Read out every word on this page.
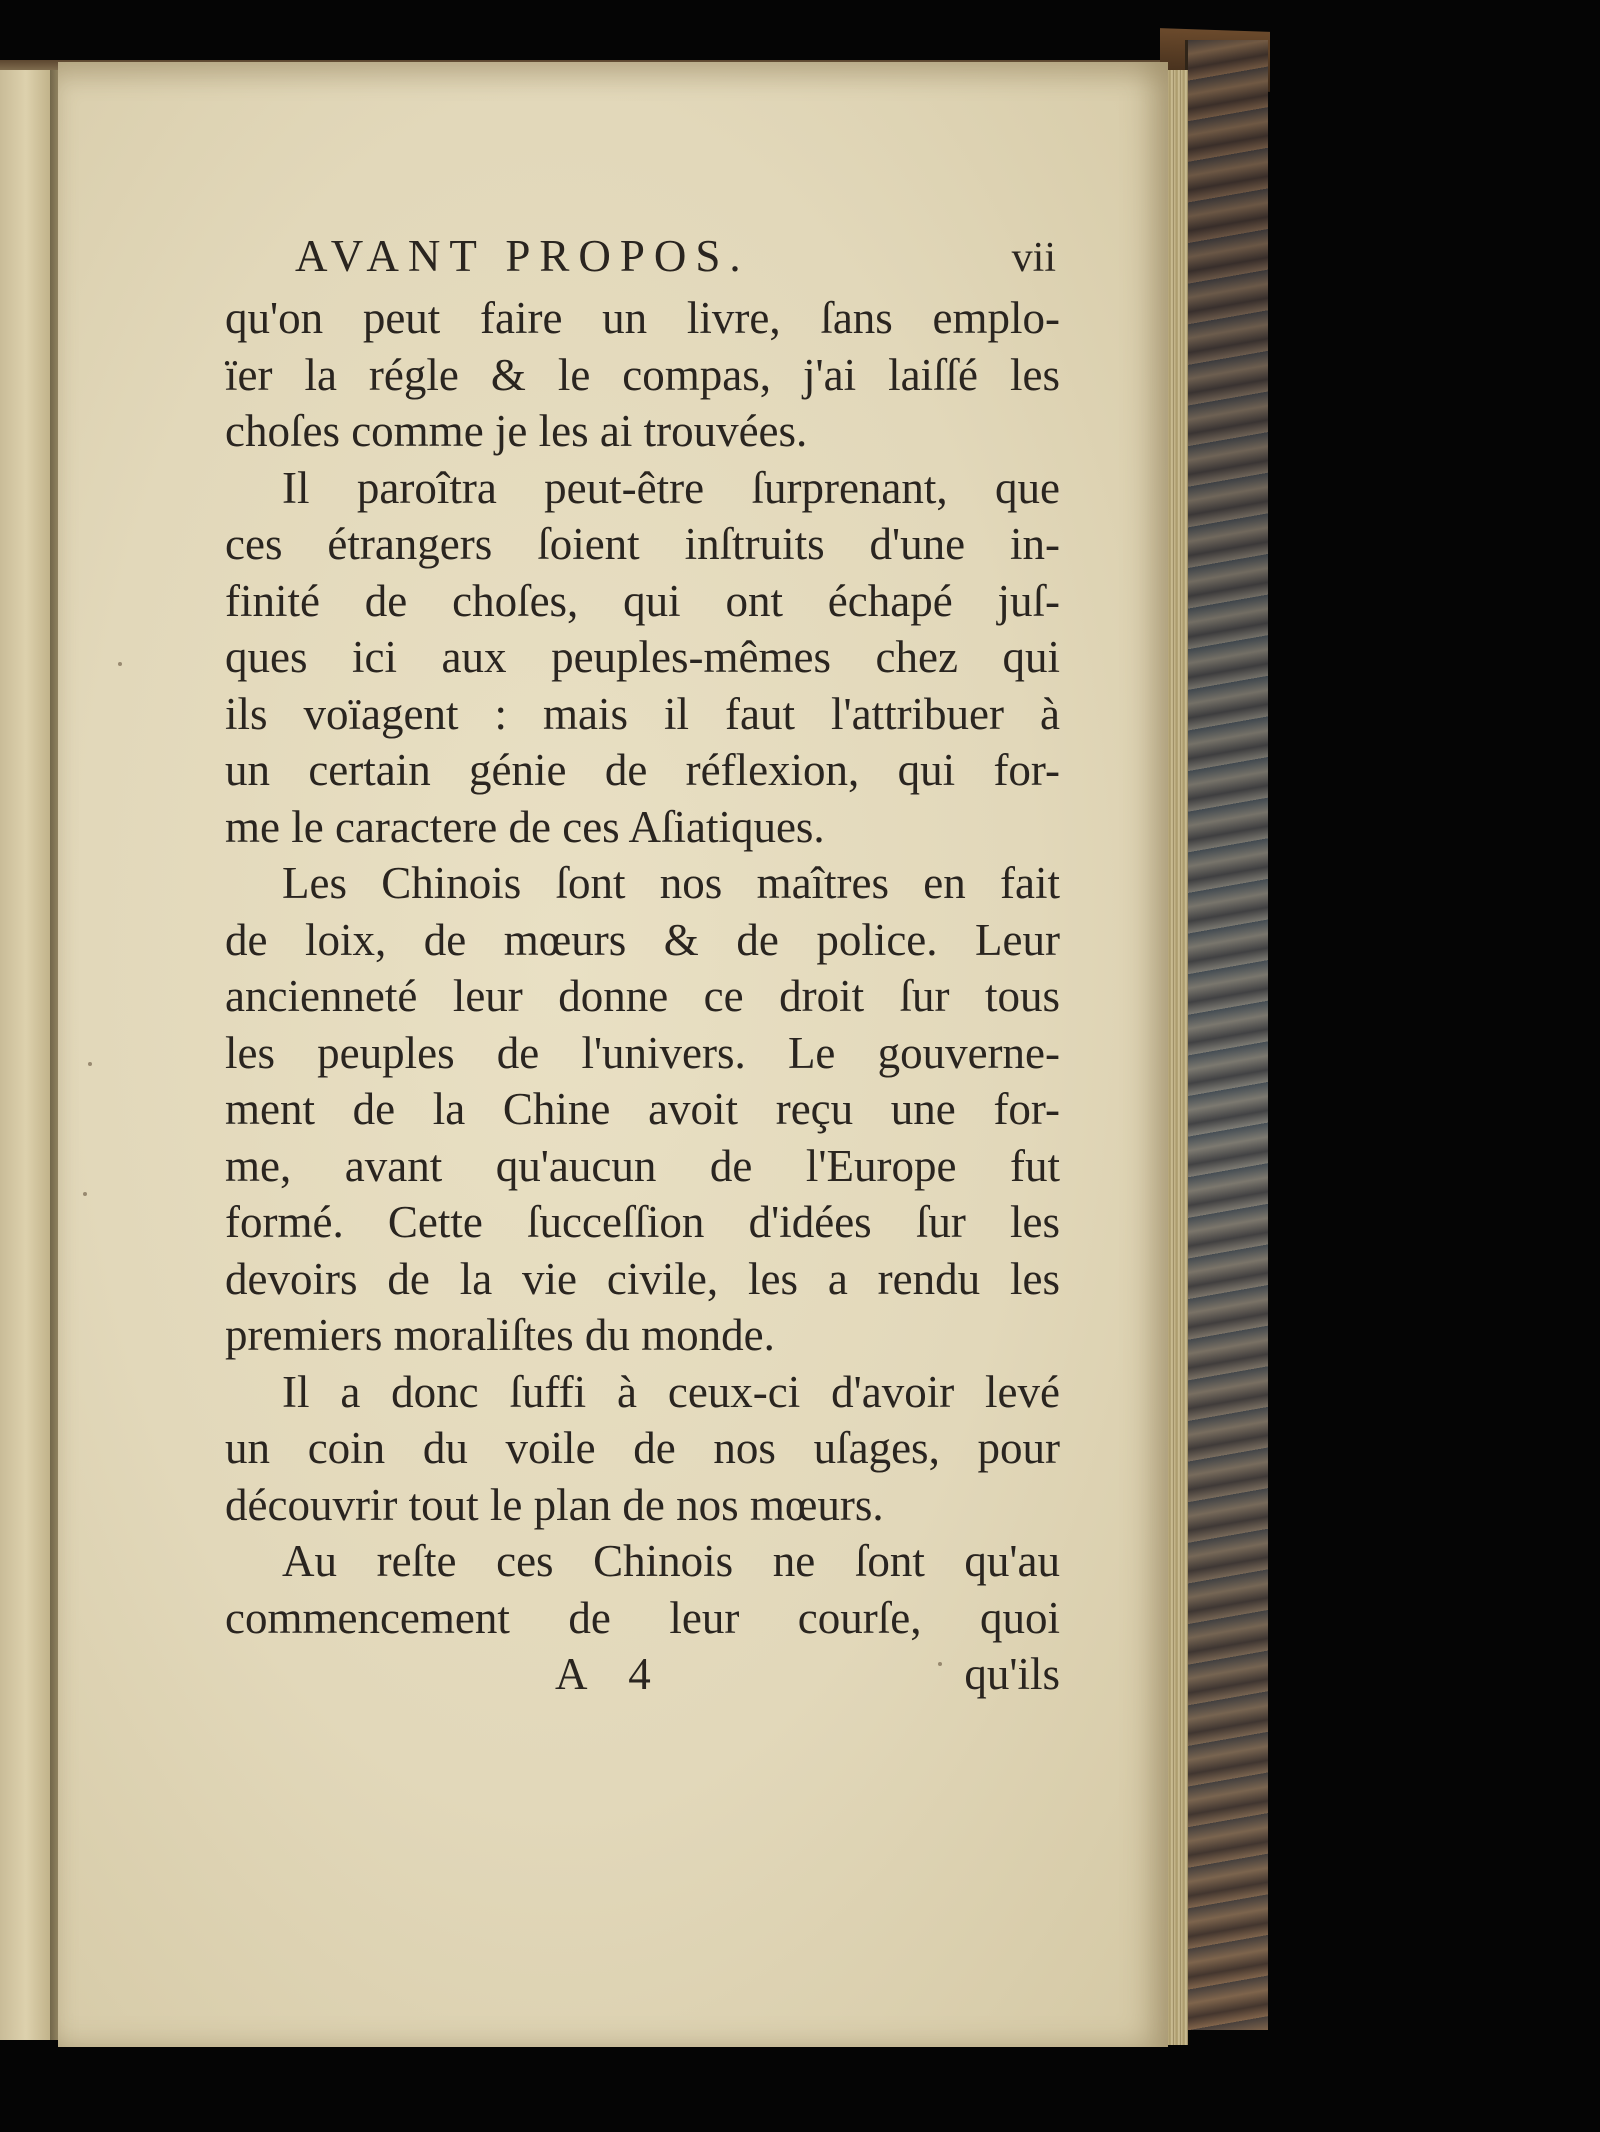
AVANT PROPOS.	vii
qu'on peut faire un livre, ſans emplo-
ïer la régle & le compas, j'ai laiſſé les
choſes comme je les ai trouvées.
Il paroîtra peut-être ſurprenant, que
ces étrangers ſoient inſtruits d'une in-
finité de choſes, qui ont échapé juſ-
ques ici aux peuples-mêmes chez qui
ils voïagent : mais il faut l'attribuer à
un certain génie de réflexion, qui for-
me le caractere de ces Aſiatiques.
Les Chinois ſont nos maîtres en fait
de loix, de mœurs & de police. Leur
ancienneté leur donne ce droit ſur tous
les peuples de l'univers. Le gouverne-
ment de la Chine avoit reçu une for-
me, avant qu'aucun de l'Europe fut
formé. Cette ſucceſſion d'idées ſur les
devoirs de la vie civile, les a rendu les
premiers moraliſtes du monde.
Il a donc ſuffi à ceux-ci d'avoir levé
un coin du voile de nos uſages, pour
découvrir tout le plan de nos mœurs.
Au reſte ces Chinois ne ſont qu'au
commencement de leur courſe, quoi
A 4	qu'ils
